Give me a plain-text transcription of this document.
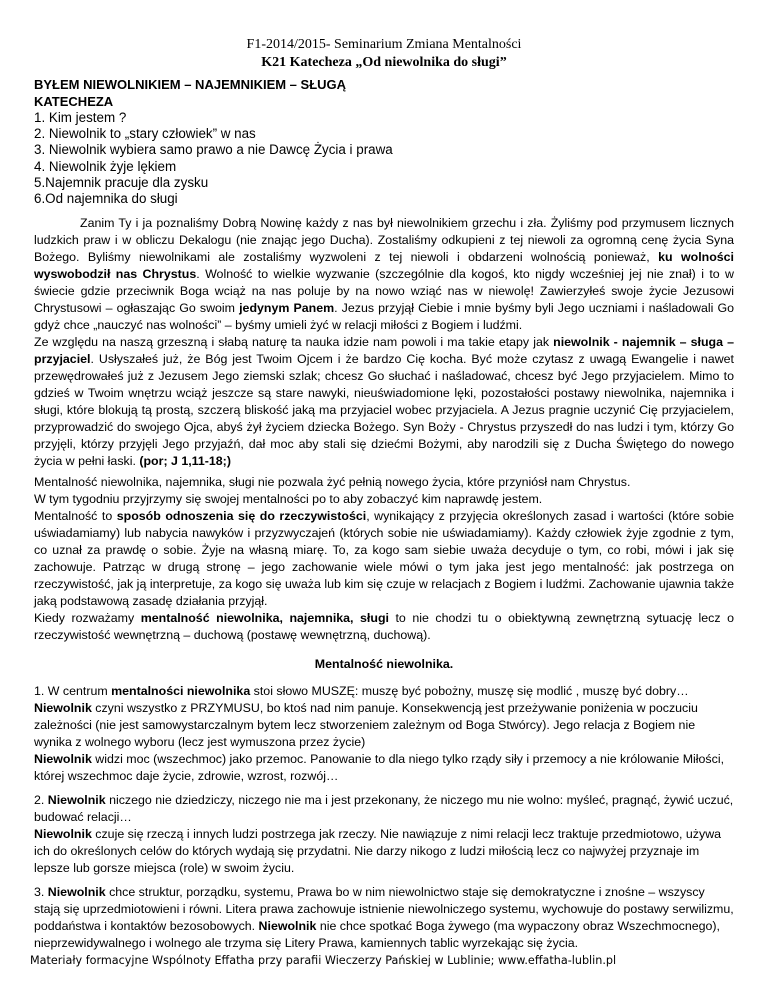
F1-2014/2015- Seminarium Zmiana Mentalności
K21 Katecheza „Od niewolnika do sługi”
BYŁEM NIEWOLNIKIEM – NAJEMNIKIEM – SŁUGĄ
KATECHEZA
1. Kim jestem ?
2. Niewolnik to „stary człowiek” w nas
3. Niewolnik wybiera samo prawo a nie Dawcę Życia i prawa
4. Niewolnik żyje lękiem
5.Najemnik pracuje dla zysku
6.Od najemnika do sługi

Zanim Ty i ja poznaliśmy Dobrą Nowinę każdy z nas był niewolnikiem grzechu i zła. Żyliśmy pod przymusem licznych ludzkich praw i w obliczu Dekalogu (nie znając jego Ducha). Zostaliśmy odkupieni z tej niewoli za ogromną cenę życia Syna Bożego. Byliśmy niewolnikami ale zostaliśmy wyzwoleni z tej niewoli i obdarzeni wolnością ponieważ, ku wolności wyswobodził nas Chrystus. Wolność to wielkie wyzwanie (szczególnie dla kogoś, kto nigdy wcześniej jej nie znał) i to w świecie gdzie przeciwnik Boga wciąż na nas poluje by na nowo wziąć nas w niewolę! Zawierzyłeś swoje życie Jezusowi Chrystusowi – ogłaszając Go swoim jedynym Panem. Jezus przyjął Ciebie i mnie byśmy byli Jego uczniami i naśladowali Go gdyż chce „nauczyć nas wolności” – byśmy umieli żyć w relacji miłości z Bogiem i ludźmi.

Ze względu na naszą grzeszną i słabą naturę ta nauka idzie nam powoli i ma takie etapy jak niewolnik - najemnik – sługa – przyjaciel. Usłyszałeś już, że Bóg jest Twoim Ojcem i że bardzo Cię kocha. Być może czytasz z uwagą Ewangelie i nawet przewędrowałeś już z Jezusem Jego ziemski szlak; chcesz Go słuchać i naśladować, chcesz być Jego przyjacielem. Mimo to gdzieś w Twoim wnętrzu wciąż jeszcze są stare nawyki, nieuświadomione lęki, pozostałości postawy niewolnika, najemnika i sługi, które blokują tą prostą, szczerą bliskość jaką ma przyjaciel wobec przyjaciela. A Jezus pragnie uczynić Cię przyjacielem, przyprowadzić do swojego Ojca, abyś żył życiem dziecka Bożego. Syn Boży - Chrystus przyszedł do nas ludzi i tym, którzy Go przyjęli, którzy przyjęli Jego przyjaźń, dał moc aby stali się dziećmi Bożymi, aby narodzili się z Ducha Świętego do nowego życia w pełni łaski. (por; J 1,11-18;)

Mentalność niewolnika, najemnika, sługi nie pozwala żyć pełnią nowego życia, które przyniósł nam Chrystus.

W tym tygodniu przyjrzymy się swojej mentalności po to aby zobaczyć kim naprawdę jestem.

Mentalność to sposób odnoszenia się do rzeczywistości, wynikający z przyjęcia określonych zasad i wartości (które sobie uświadamiamy) lub nabycia nawyków i przyzwyczajeń (których sobie nie uświadamiamy). Każdy człowiek żyje zgodnie z tym, co uznał za prawdę o sobie. Żyje na własną miarę. To, za kogo sam siebie uważa decyduje o tym, co robi, mówi i jak się zachowuje. Patrząc w drugą stronę – jego zachowanie wiele mówi o tym jaka jest jego mentalność: jak postrzega on rzeczywistość, jak ją interpretuje, za kogo się uważa lub kim się czuje w relacjach z Bogiem i ludźmi. Zachowanie ujawnia także jaką podstawową zasadę działania przyjął.

Kiedy rozważamy mentalność niewolnika, najemnika, sługi to nie chodzi tu o obiektywną zewnętrzną sytuację lecz o rzeczywistość wewnętrzną – duchową (postawę wewnętrzną, duchową).

Mentalność niewolnika.

1. W centrum mentalności niewolnika stoi słowo MUSZĘ: muszę być pobożny, muszę się modlić , muszę być dobry…
Niewolnik czyni wszystko z PRZYMUSU, bo ktoś nad nim panuje. Konsekwencją jest przeżywanie poniżenia w poczuciu zależności (nie jest samowystarczalnym bytem lecz stworzeniem zależnym od Boga Stwórcy). Jego relacja z Bogiem nie wynika z wolnego wyboru (lecz jest wymuszona przez życie)
Niewolnik widzi moc (wszechmoc) jako przemoc. Panowanie to dla niego tylko rządy siły i przemocy a nie królowanie Miłości, której wszechmoc daje życie, zdrowie, wzrost, rozwój…

2. Niewolnik niczego nie dziedziczy, niczego nie ma i jest przekonany, że niczego mu nie wolno: myśleć, pragnąć, żywić uczuć, budować relacji…
Niewolnik czuje się rzeczą i innych ludzi postrzega jak rzeczy. Nie nawiązuje z nimi relacji lecz traktuje przedmiotowo, używa ich do określonych celów do których wydają się przydatni. Nie darzy nikogo z ludzi miłością lecz co najwyżej przyznaje im lepsze lub gorsze miejsca (role) w swoim życiu.

3. Niewolnik chce struktur, porządku, systemu, Prawa bo w nim niewolnictwo staje się demokratyczne i znośne – wszyscy stają się uprzedmiotowieni i równi. Litera prawa zachowuje istnienie niewolniczego systemu, wychowuje do postawy serwilizmu, poddaństwa i kontaktów bezosobowych. Niewolnik nie chce spotkać Boga żywego (ma wypaczony obraz Wszechmocnego), nieprzewidywalnego i wolnego ale trzyma się Litery Prawa, kamiennych tablic wyrzekając się życia.

Materiały formacyjne Wspólnoty Effatha przy parafii Wieczerzy Pańskiej w Lublinie; www.effatha-lublin.pl
